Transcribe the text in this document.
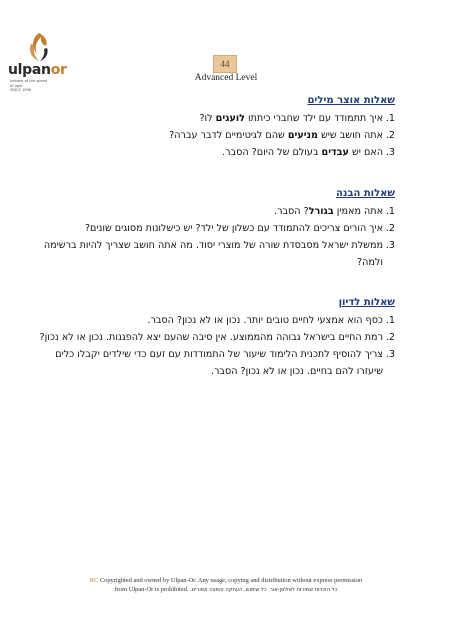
ulpanor
hebrew at the speed of light
SINCE 1996
44
Advanced Level
שאלות אוצר מילים
1.
איך תתמודד עם ילד שחברי כיתתו לועגים לו?
2.
אתה חושב שיש מניעים שהם לגיטימיים לדבר עברה?
3.
האם יש עבדים בעולם של היום? הסבר.
שאלות הבנה
1.
אתה מאמין בגורל? הסבר.
2.
איך הורים צריכים להתמודד עם כשלון של ילד? יש כישלונות מסוגים שונים?
3.
ממשלת ישראל מסבסדת שורה של מוצרי יסוד. מה אתה חושב שצריך להיות ברשימה ולמה?
שאלות לדיון
1.
כסף הוא אמצעי לחיים טובים יותר. נכון או לא נכון? הסבר.
2.
רמת החיים בישראל גבוהה מהממוצע. אין סיבה שהעם יצא להפגנות. נכון או לא נכון?
3.
צריך להוסיף לתכנית הלימוד שיעור של התמודדות עם זעם כדי שילדים יקבלו כלים שיעזרו להם בחיים. נכון או לא נכון? הסבר.
RC Copyrighted and owned by Ulpan-Or. Any usage, copying and distribution without express permission
from Ulpan-Or is prohibited. כל הזכויות שמורות לאולפן-אור. כל שימוש, העתקה והפצה אסורים.
